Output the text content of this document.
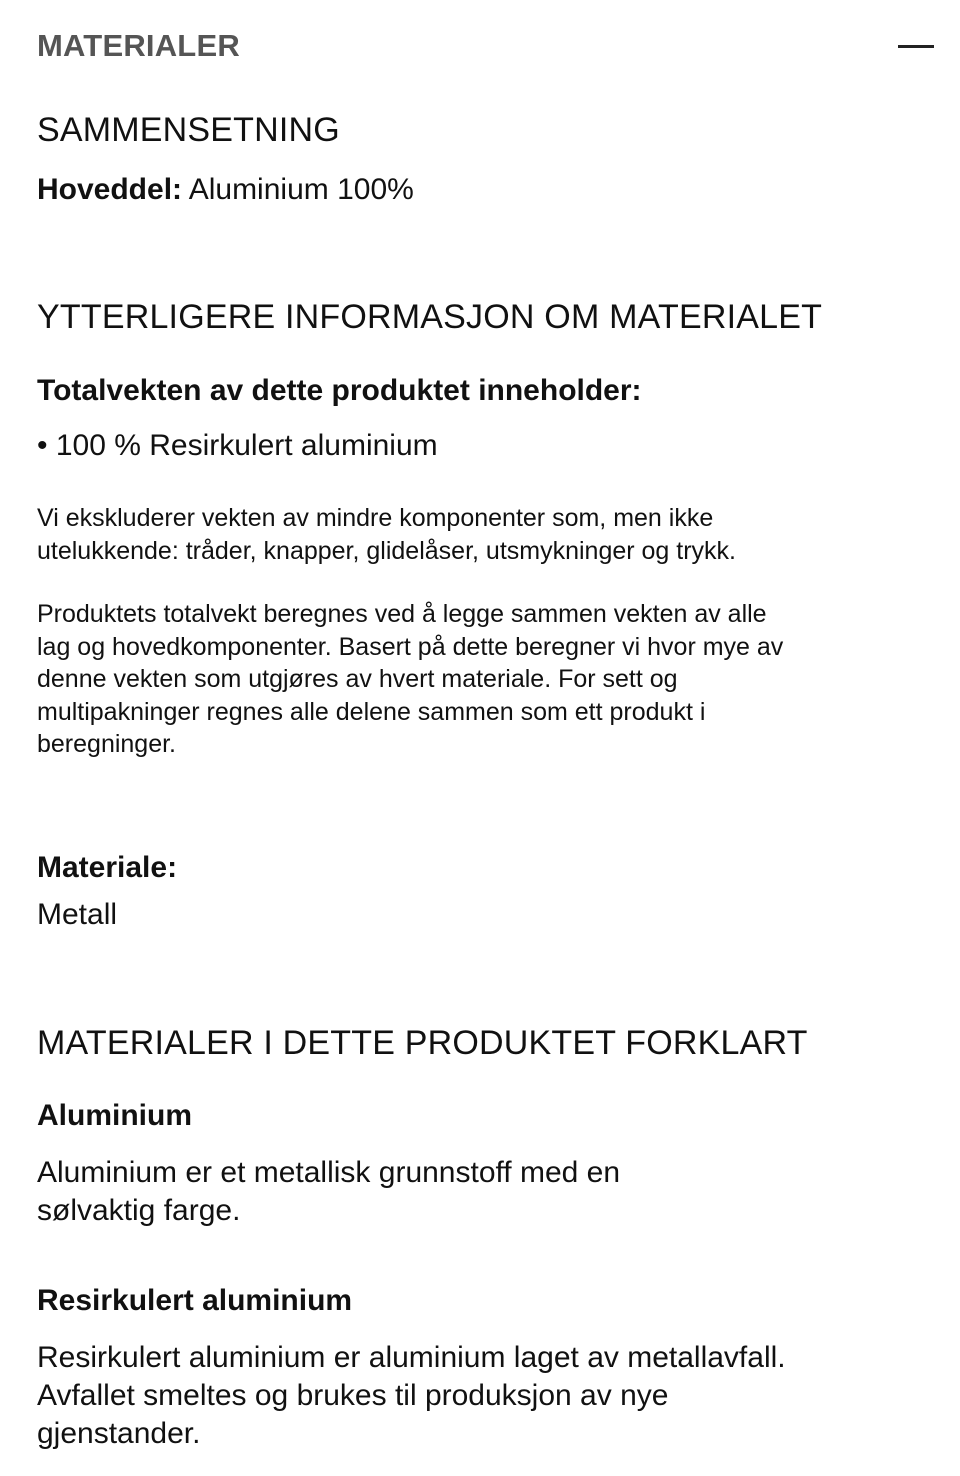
MATERIALER
SAMMENSETNING

Hoveddel: Aluminium 100%

YTTERLIGERE INFORMASJON OM MATERIALET

Totalvekten av dette produktet inneholder:

• 100 % Resirkulert aluminium

Vi ekskluderer vekten av mindre komponenter som, men ikke
utelukkende: tråder, knapper, glidelåser, utsmykninger og trykk.
Produktets totalvekt beregnes ved å legge sammen vekten av alle
lag og hovedkomponenter. Basert på dette beregner vi hvor mye av
denne vekten som utgjøres av hvert materiale. For sett og
multipakninger regnes alle delene sammen som ett produkt i
beregninger.

Materiale:

Metall

MATERIALER I DETTE PRODUKTET FORKLART

Aluminium

Aluminium er et metallisk grunnstoff med en
sølvaktig farge.

Resirkulert aluminium

Resirkulert aluminium er aluminium laget av metallavfall.
Avfallet smeltes og brukes til produksjon av nye
gjenstander.
